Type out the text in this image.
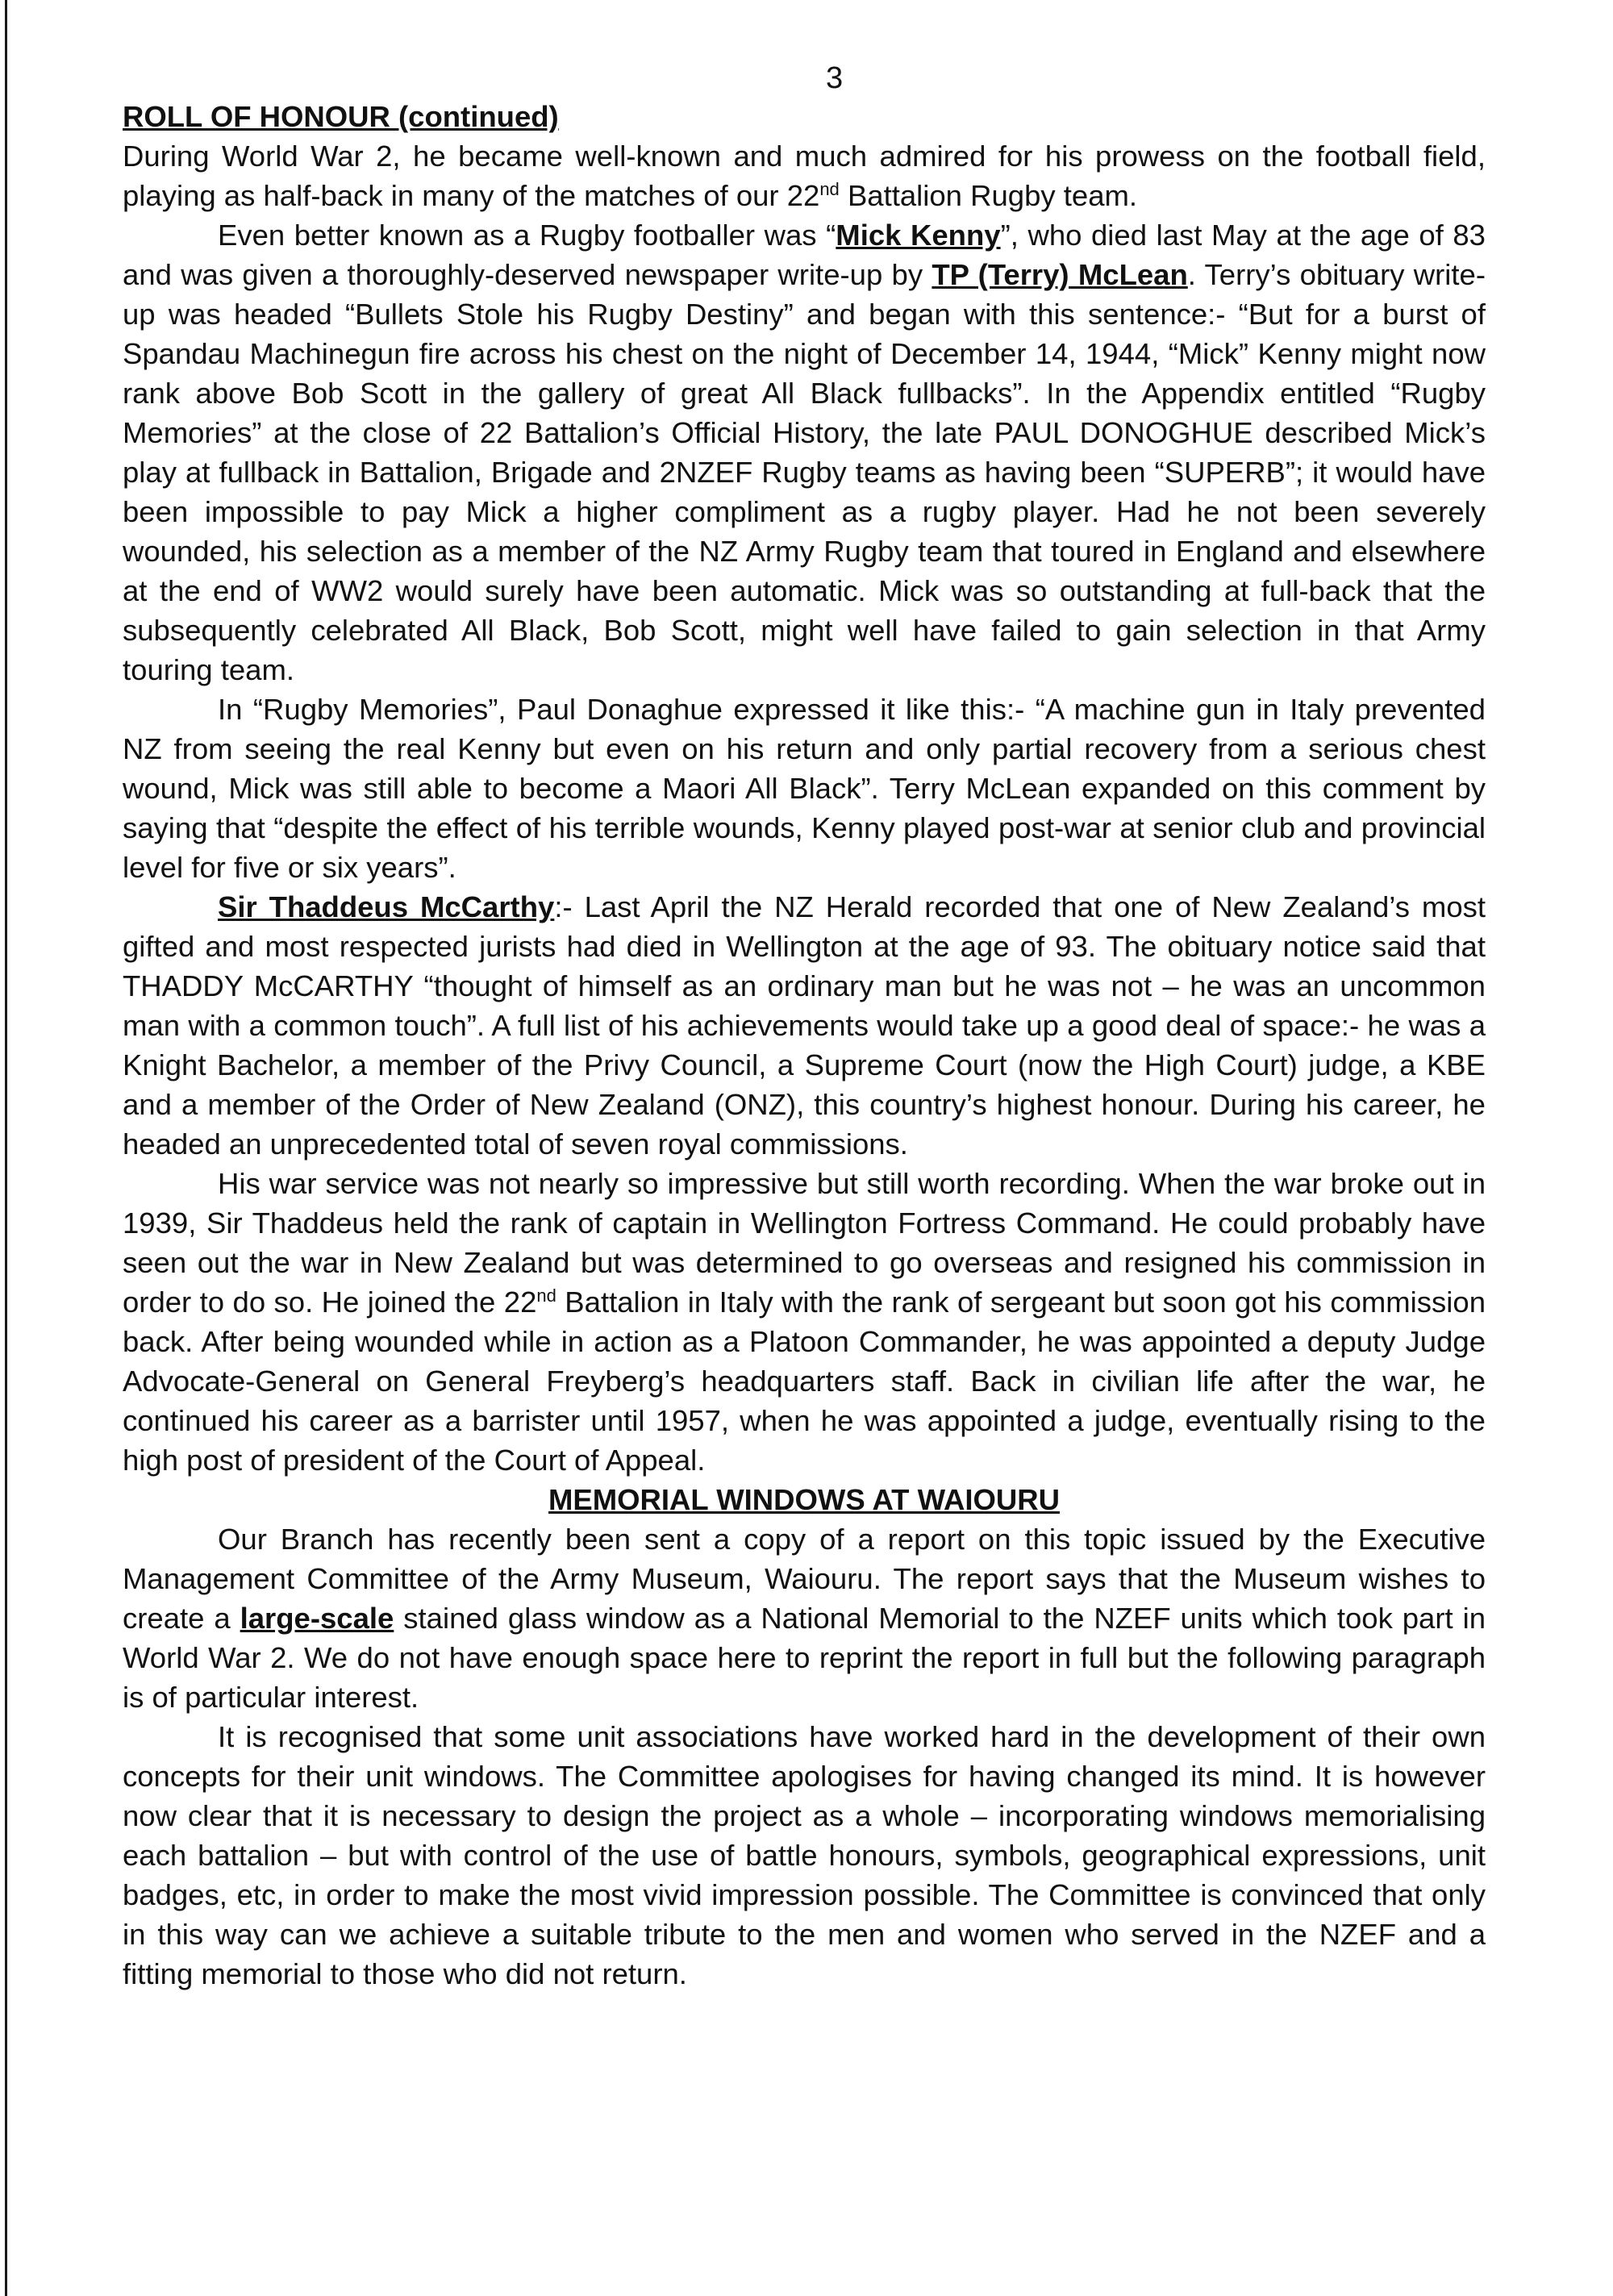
3

ROLL OF HONOUR (continued)

During World War 2, he became well-known and much admired for his prowess on the football field, playing as half-back in many of the matches of our 22nd Battalion Rugby team.

Even better known as a Rugby footballer was “Mick Kenny”, who died last May at the age of 83 and was given a thoroughly-deserved newspaper write-up by TP (Terry) McLean. Terry’s obituary write-up was headed “Bullets Stole his Rugby Destiny” and began with this sentence:- “But for a burst of Spandau Machinegun fire across his chest on the night of December 14, 1944, “Mick” Kenny might now rank above Bob Scott in the gallery of great All Black fullbacks”. In the Appendix entitled “Rugby Memories” at the close of 22 Battalion’s Official History, the late PAUL DONOGHUE described Mick’s play at fullback in Battalion, Brigade and 2NZEF Rugby teams as having been “SUPERB”; it would have been impossible to pay Mick a higher compliment as a rugby player. Had he not been severely wounded, his selection as a member of the NZ Army Rugby team that toured in England and elsewhere at the end of WW2 would surely have been automatic. Mick was so outstanding at full-back that the subsequently celebrated All Black, Bob Scott, might well have failed to gain selection in that Army touring team.

In “Rugby Memories”, Paul Donaghue expressed it like this:- “A machine gun in Italy prevented NZ from seeing the real Kenny but even on his return and only partial recovery from a serious chest wound, Mick was still able to become a Maori All Black”. Terry McLean expanded on this comment by saying that “despite the effect of his terrible wounds, Kenny played post-war at senior club and provincial level for five or six years”.

Sir Thaddeus McCarthy:- Last April the NZ Herald recorded that one of New Zealand’s most gifted and most respected jurists had died in Wellington at the age of 93. The obituary notice said that THADDY McCARTHY “thought of himself as an ordinary man but he was not – he was an uncommon man with a common touch”. A full list of his achievements would take up a good deal of space:- he was a Knight Bachelor, a member of the Privy Council, a Supreme Court (now the High Court) judge, a KBE and a member of the Order of New Zealand (ONZ), this country’s highest honour. During his career, he headed an unprecedented total of seven royal commissions.

His war service was not nearly so impressive but still worth recording. When the war broke out in 1939, Sir Thaddeus held the rank of captain in Wellington Fortress Command. He could probably have seen out the war in New Zealand but was determined to go overseas and resigned his commission in order to do so. He joined the 22nd Battalion in Italy with the rank of sergeant but soon got his commission back. After being wounded while in action as a Platoon Commander, he was appointed a deputy Judge Advocate-General on General Freyberg’s headquarters staff. Back in civilian life after the war, he continued his career as a barrister until 1957, when he was appointed a judge, eventually rising to the high post of president of the Court of Appeal.

MEMORIAL WINDOWS AT WAIOURU

Our Branch has recently been sent a copy of a report on this topic issued by the Executive Management Committee of the Army Museum, Waiouru. The report says that the Museum wishes to create a large-scale stained glass window as a National Memorial to the NZEF units which took part in World War 2. We do not have enough space here to reprint the report in full but the following paragraph is of particular interest.

It is recognised that some unit associations have worked hard in the development of their own concepts for their unit windows. The Committee apologises for having changed its mind. It is however now clear that it is necessary to design the project as a whole – incorporating windows memorialising each battalion – but with control of the use of battle honours, symbols, geographical expressions, unit badges, etc, in order to make the most vivid impression possible. The Committee is convinced that only in this way can we achieve a suitable tribute to the men and women who served in the NZEF and a fitting memorial to those who did not return.
